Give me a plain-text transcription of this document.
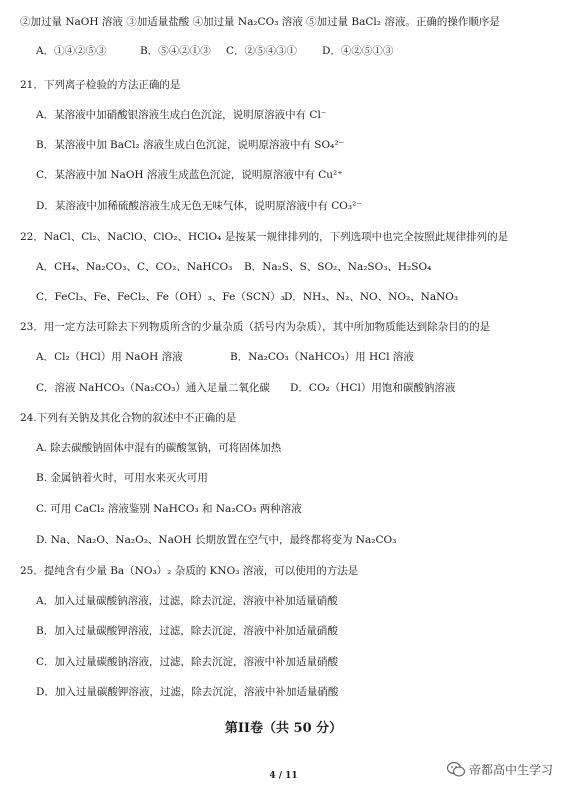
②加过量 NaOH 溶液 ③加适量盐酸 ④加过量 Na₂CO₃ 溶液 ⑤加过量 BaCl₂ 溶液。正确的操作顺序是
A．①④②⑤③	B．⑤④②①③ C．②⑤④③① D．④②⑤①③
21．下列离子检验的方法正确的是
A．某溶液中加硝酸银溶液生成白色沉淀，说明原溶液中有 Cl⁻
B．某溶液中加 BaCl₂ 溶液生成白色沉淀，说明原溶液中有 SO₄²⁻
C．某溶液中加 NaOH 溶液生成蓝色沉淀，说明原溶液中有 Cu²⁺
D．某溶液中加稀硫酸溶液生成无色无味气体，说明原溶液中有 CO₃²⁻
22．NaCl、Cl₂、NaClO、ClO₂、HClO₄ 是按某一规律排列的，下列选项中也完全按照此规律排列的是
A．CH₄、Na₂CO₃、C、CO₂、NaHCO₃ B．Na₂S、S、SO₂、Na₂SO₃、H₂SO₄
C．FeCl₃、Fe、FeCl₂、Fe（OH）₃、Fe（SCN）₃ D．NH₃、N₂、NO、NO₂、NaNO₃
23．用一定方法可除去下列物质所含的少量杂质（括号内为杂质），其中所加物质能达到除杂目的的是
A．Cl₂（HCl）用 NaOH 溶液	B．Na₂CO₃（NaHCO₃）用 HCl 溶液
C．溶液 NaHCO₃（Na₂CO₃）通入足量二氧化碳 D．CO₂（HCl）用饱和碳酸钠溶液
24.下列有关钠及其化合物的叙述中不正确的是
A. 除去碳酸钠固体中混有的碳酸氢钠，可将固体加热
B. 金属钠着火时，可用水来灭火可用
C. 可用 CaCl₂ 溶液鉴别 NaHCO₃ 和 Na₂CO₃ 两种溶液
D. Na、Na₂O、Na₂O₂、NaOH 长期放置在空气中，最终都将变为 Na₂CO₃
25．提纯含有少量 Ba（NO₃）₂ 杂质的 KNO₃ 溶液，可以使用的方法是
A．加入过量碳酸钠溶液，过滤，除去沉淀，溶液中补加适量硝酸
B．加入过量碳酸钾溶液，过滤，除去沉淀，溶液中补加适量硝酸
C．加入过量碳酸钠溶液，过滤，除去沉淀，溶液中补加适量硝酸
D．加入过量碳酸钾溶液，过滤，除去沉淀，溶液中补加适量硝酸
第II卷（共 50 分）
4 / 11	帝都高中生学习
